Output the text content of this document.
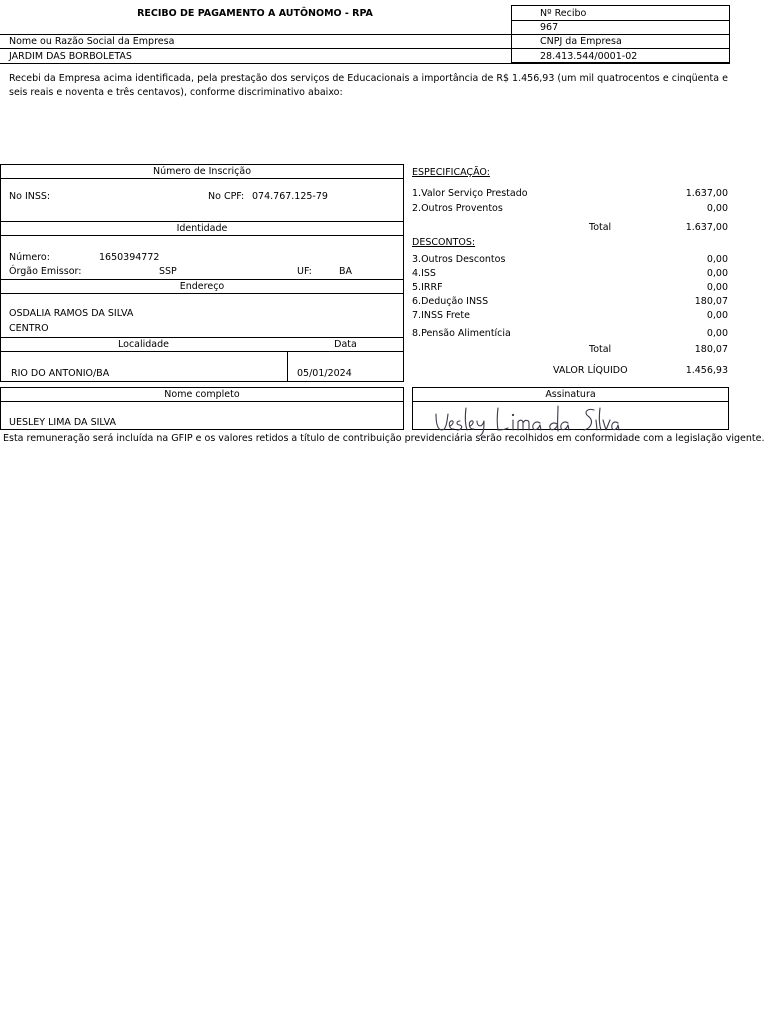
RECIBO DE PAGAMENTO A AUTÔNOMO - RPA	Nº Recibo
967
CNPJ da Empresa
28.413.544/0001-02
Nome ou Razão Social da Empresa
JARDIM DAS BORBOLETAS
Recebi da Empresa acima identificada, pela prestação dos serviços de Educacionais a importância de R$ 1.456,93 (um mil quatrocentos e cinqüenta e seis reais e noventa e três centavos), conforme discriminativo abaixo:
Número de Inscrição
No INSS:	No CPF: 074.767.125-79
Identidade
Número:	1650394772
Órgão Emissor:	SSP	UF:	BA
Endereço
OSDALIA RAMOS DA SILVA
CENTRO
Localidade	Data
RIO DO ANTONIO/BA	05/01/2024
ESPECIFICAÇÃO:
1.Valor Serviço Prestado	1.637,00
2.Outros Proventos	0,00
Total	1.637,00
DESCONTOS:
3.Outros Descontos	0,00
4.ISS	0,00
5.IRRF	0,00
6.Dedução INSS	180,07
7.INSS Frete	0,00
8.Pensão Alimentícia	0,00
Total	180,07
VALOR LÍQUIDO	1.456,93
Nome completo
UESLEY LIMA DA SILVA
Assinatura
Esta remuneração será incluída na GFIP e os valores retidos a título de contribuição previdenciária serão recolhidos em conformidade com a legislação vigente.
